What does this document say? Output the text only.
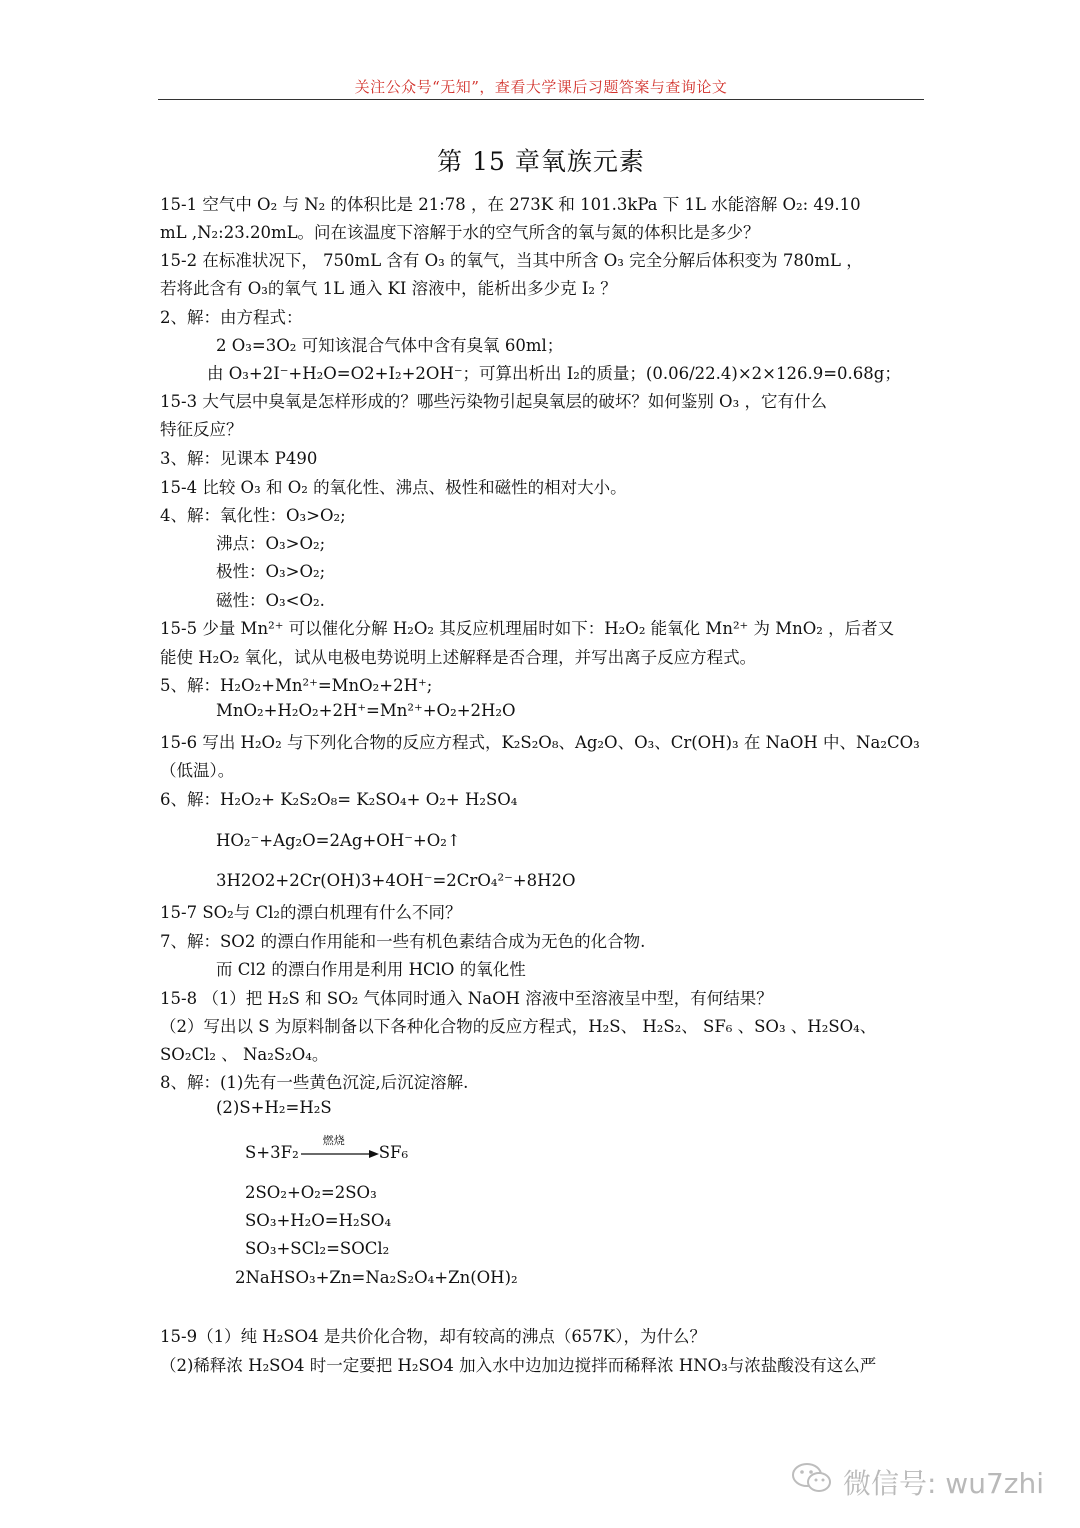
关注公众号“无知”，查看大学课后习题答案与查询论文
第 15 章氧族元素
15-1 空气中 O₂ 与 N₂ 的体积比是 21:78 ，在 273K 和 101.3kPa 下 1L 水能溶解 O₂: 49.10
mL ,N₂:23.20mL。问在该温度下溶解于水的空气所含的氧与氮的体积比是多少？
15-2 在标准状况下， 750mL 含有 O₃ 的氧气，当其中所含 O₃ 完全分解后体积变为 780mL ，
若将此含有 O₃的氧气 1L 通入 KI 溶液中，能析出多少克 I₂ ？
2、解：由方程式：
2 O₃=3O₂ 可知该混合气体中含有臭氧 60ml；
由 O₃+2I⁻+H₂O=O2+I₂+2OH⁻；可算出析出 I₂的质量；(0.06/22.4)×2×126.9=0.68g；
15-3 大气层中臭氧是怎样形成的？哪些污染物引起臭氧层的破坏？如何鉴别 O₃ ，它有什么
特征反应？
3、解：见课本 P490
15-4 比较 O₃ 和 O₂ 的氧化性、沸点、极性和磁性的相对大小。
4、解：氧化性：O₃>O₂;
沸点：O₃>O₂;
极性：O₃>O₂;
磁性：O₃<O₂.
15-5 少量 Mn²⁺ 可以催化分解 H₂O₂ 其反应机理届时如下：H₂O₂ 能氧化 Mn²⁺ 为 MnO₂ ，后者又
能使 H₂O₂ 氧化，试从电极电势说明上述解释是否合理，并写出离子反应方程式。
5、解：H₂O₂+Mn²⁺=MnO₂+2H⁺;
MnO₂+H₂O₂+2H⁺=Mn²⁺+O₂+2H₂O
15-6 写出 H₂O₂ 与下列化合物的反应方程式，K₂S₂O₈、Ag₂O、O₃、Cr(OH)₃ 在 NaOH 中、Na₂CO₃
（低温）。
6、解：H₂O₂+ K₂S₂O₈= K₂SO₄+ O₂+ H₂SO₄
HO₂⁻+Ag₂O=2Ag+OH⁻+O₂↑
3H2O2+2Cr(OH)3+4OH⁻=2CrO₄²⁻+8H2O
15-7 SO₂与 Cl₂的漂白机理有什么不同？
7、解：SO2 的漂白作用能和一些有机色素结合成为无色的化合物.
而 Cl2 的漂白作用是利用 HClO 的氧化性
15-8 （1）把 H₂S 和 SO₂ 气体同时通入 NaOH 溶液中至溶液呈中型，有何结果？
（2）写出以 S 为原料制备以下各种化合物的反应方程式，H₂S、 H₂S₂、 SF₆ 、SO₃ 、H₂SO₄、
SO₂Cl₂ 、 Na₂S₂O₄。
8、解：(1)先有一些黄色沉淀,后沉淀溶解.
(2)S+H₂=H₂S
S+3F₂
燃烧
SF₆
2SO₂+O₂=2SO₃
SO₃+H₂O=H₂SO₄
SO₃+SCl₂=SOCl₂
2NaHSO₃+Zn=Na₂S₂O₄+Zn(OH)₂
15-9（1）纯 H₂SO4 是共价化合物，却有较高的沸点（657K），为什么？
（2)稀释浓 H₂SO4 时一定要把 H₂SO4 加入水中边加边搅拌而稀释浓 HNO₃与浓盐酸没有这么严
微信号: wu7zhi
